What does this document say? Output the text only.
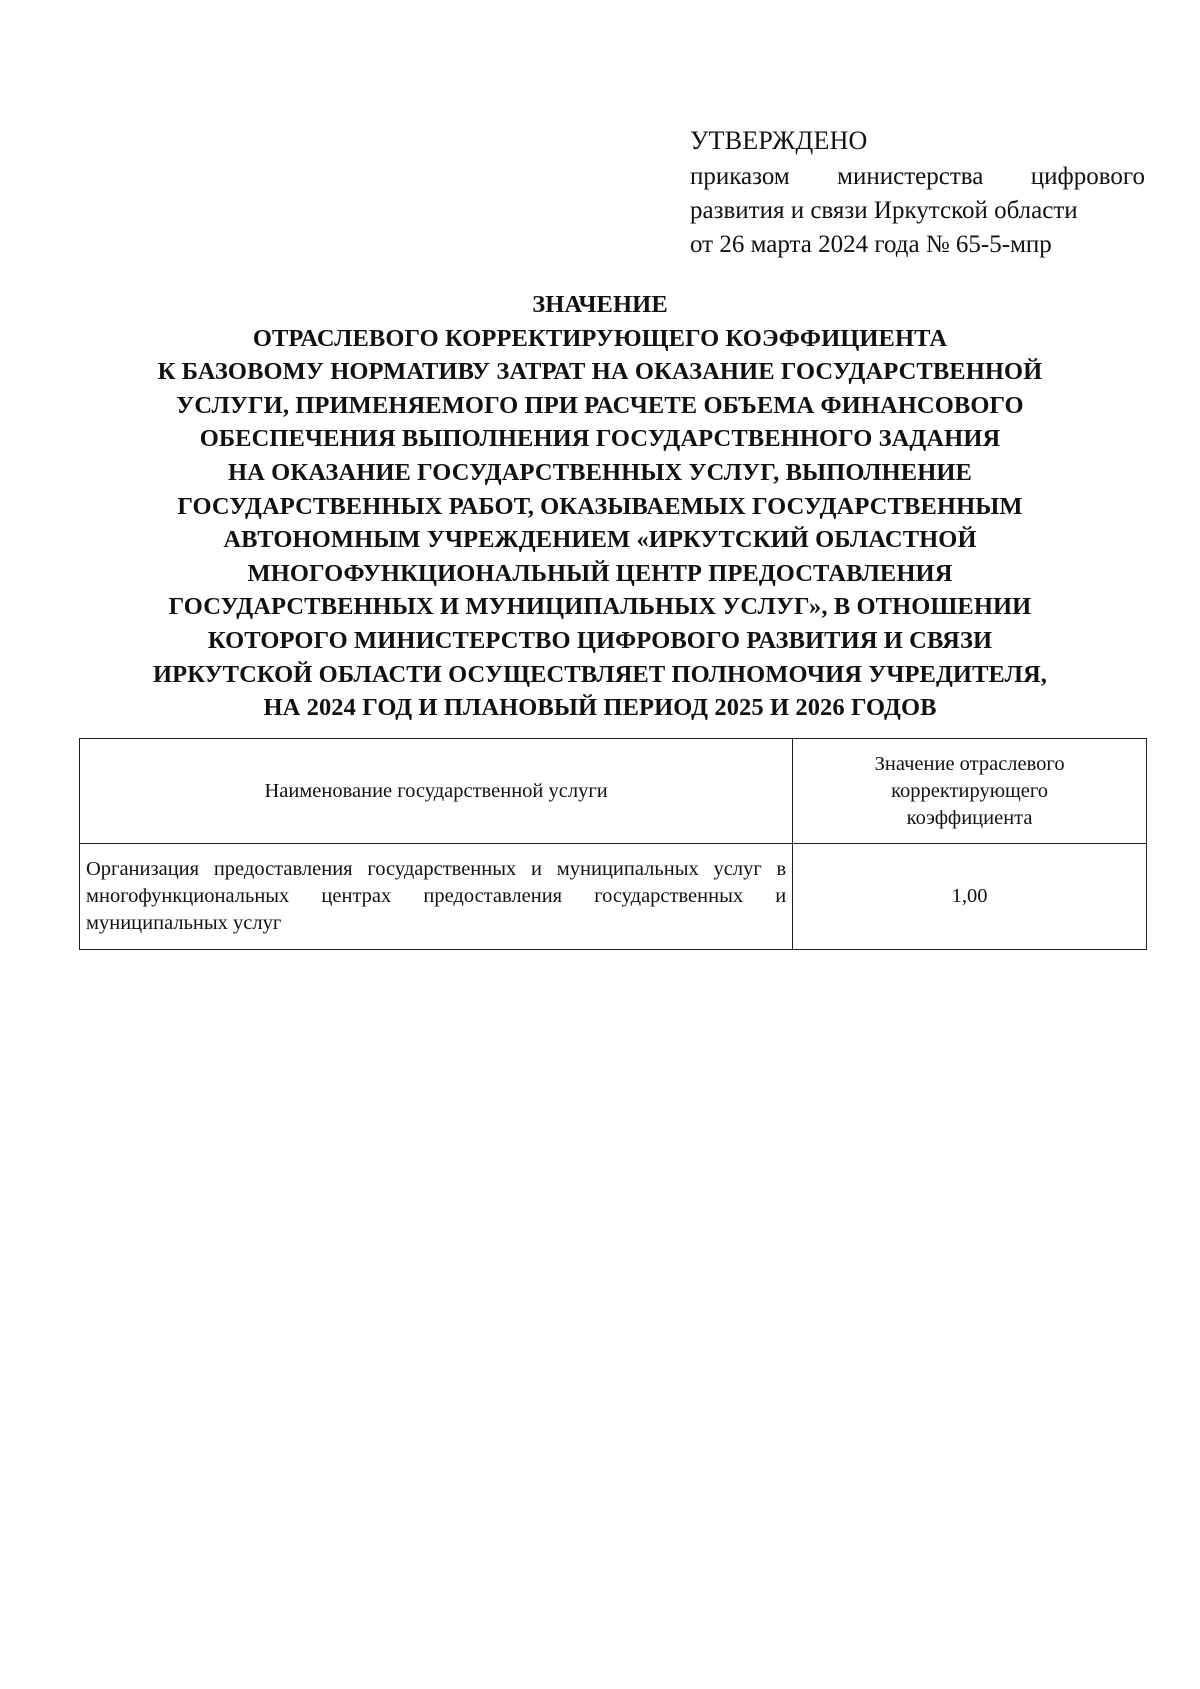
УТВЕРЖДЕНО
приказом министерства цифрового
развития и связи Иркутской области
от 26 марта 2024 года № 65-5-мпр
ЗНАЧЕНИЕ
ОТРАСЛЕВОГО КОРРЕКТИРУЮЩЕГО КОЭФФИЦИЕНТА
К БАЗОВОМУ НОРМАТИВУ ЗАТРАТ НА ОКАЗАНИЕ ГОСУДАРСТВЕННОЙ
УСЛУГИ, ПРИМЕНЯЕМОГО ПРИ РАСЧЕТЕ ОБЪЕМА ФИНАНСОВОГО
ОБЕСПЕЧЕНИЯ ВЫПОЛНЕНИЯ ГОСУДАРСТВЕННОГО ЗАДАНИЯ
НА ОКАЗАНИЕ ГОСУДАРСТВЕННЫХ УСЛУГ, ВЫПОЛНЕНИЕ
ГОСУДАРСТВЕННЫХ РАБОТ, ОКАЗЫВАЕМЫХ ГОСУДАРСТВЕННЫМ
АВТОНОМНЫМ УЧРЕЖДЕНИЕМ «ИРКУТСКИЙ ОБЛАСТНОЙ
МНОГОФУНКЦИОНАЛЬНЫЙ ЦЕНТР ПРЕДОСТАВЛЕНИЯ
ГОСУДАРСТВЕННЫХ И МУНИЦИПАЛЬНЫХ УСЛУГ», В ОТНОШЕНИИ
КОТОРОГО МИНИСТЕРСТВО ЦИФРОВОГО РАЗВИТИЯ И СВЯЗИ
ИРКУТСКОЙ ОБЛАСТИ ОСУЩЕСТВЛЯЕТ ПОЛНОМОЧИЯ УЧРЕДИТЕЛЯ,
НА 2024 ГОД И ПЛАНОВЫЙ ПЕРИОД 2025 И 2026 ГОДОВ
Наименование государственной услуги	Значение отраслевого
корректирующего
коэффициента

Организация предоставления государственных и муниципальных услуг в многофункциональных центрах предоставления государственных и муниципальных услуг	1,00
